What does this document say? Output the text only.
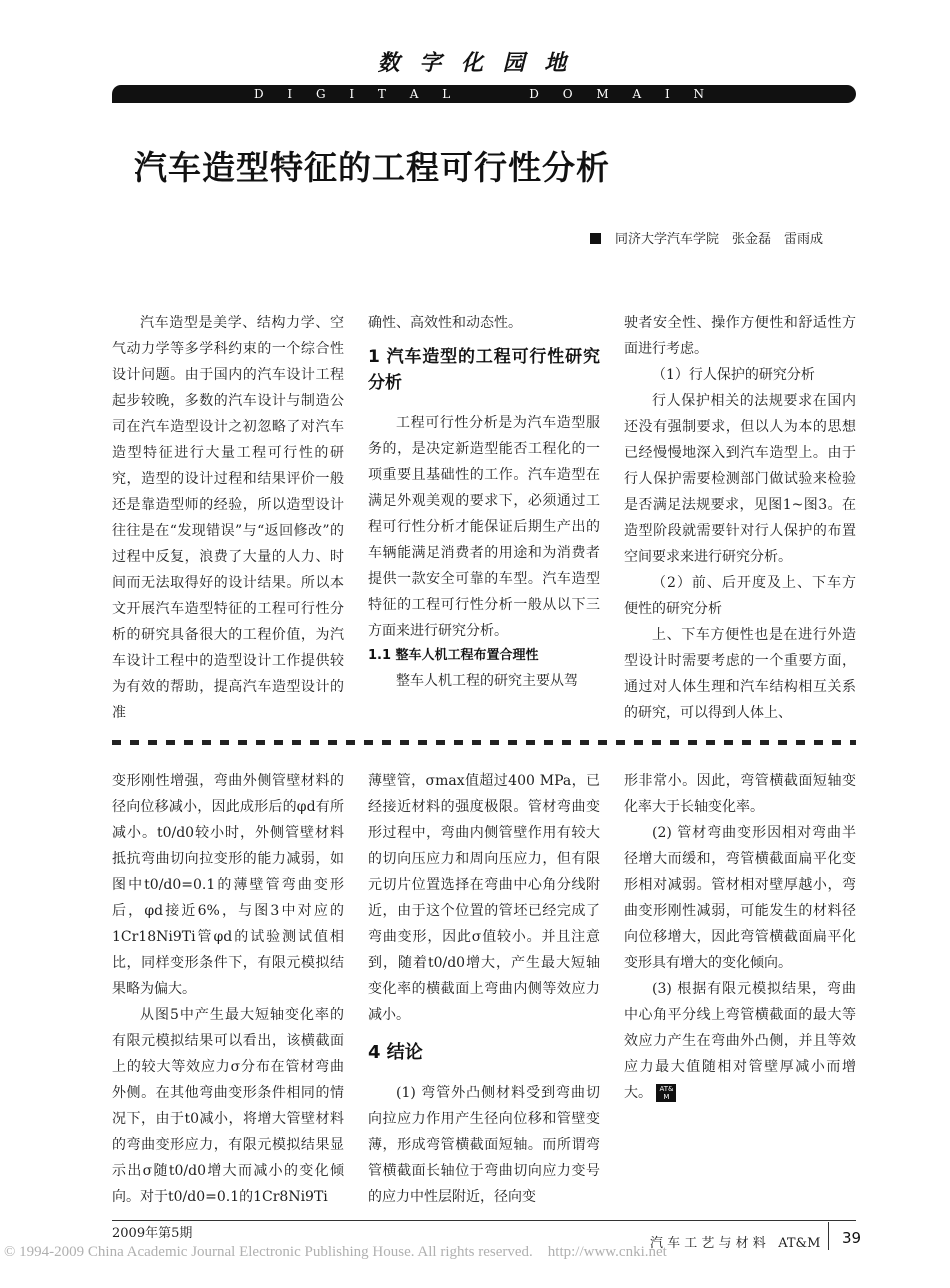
数 字 化 园 地
D I G I T A L     D O M A I N
汽车造型特征的工程可行性分析
同济大学汽车学院　张金磊　雷雨成

汽车造型是美学、结构力学、空气动力学等多学科约束的一个综合性设计问题。由于国内的汽车设计工程起步较晚，多数的汽车设计与制造公司在汽车造型设计之初忽略了对汽车造型特征进行大量工程可行性的研究，造型的设计过程和结果评价一般还是靠造型师的经验，所以造型设计往往是在“发现错误”与“返回修改”的过程中反复，浪费了大量的人力、时间而无法取得好的设计结果。所以本文开展汽车造型特征的工程可行性分析的研究具备很大的工程价值，为汽车设计工程中的造型设计工作提供较为有效的帮助，提高汽车造型设计的准

确性、高效性和动态性。

1 汽车造型的工程可行性研究分析

工程可行性分析是为汽车造型服务的，是决定新造型能否工程化的一项重要且基础性的工作。汽车造型在满足外观美观的要求下，必须通过工程可行性分析才能保证后期生产出的车辆能满足消费者的用途和为消费者提供一款安全可靠的车型。汽车造型特征的工程可行性分析一般从以下三方面来进行研究分析。

1.1 整车人机工程布置合理性

整车人机工程的研究主要从驾

驶者安全性、操作方便性和舒适性方面进行考虑。

（1）行人保护的研究分析

行人保护相关的法规要求在国内还没有强制要求，但以人为本的思想已经慢慢地深入到汽车造型上。由于行人保护需要检测部门做试验来检验是否满足法规要求，见图1~图3。在造型阶段就需要针对行人保护的布置空间要求来进行研究分析。

（2）前、后开度及上、下车方便性的研究分析

上、下车方便性也是在进行外造型设计时需要考虑的一个重要方面，通过对人体生理和汽车结构相互关系的研究，可以得到人体上、

变形刚性增强，弯曲外侧管壁材料的径向位移减小，因此成形后的φd有所减小。t0/d0较小时，外侧管壁材料抵抗弯曲切向拉变形的能力减弱，如图中t0/d0=0.1的薄壁管弯曲变形后，φd接近6%，与图3中对应的1Cr18Ni9Ti管φd的试验测试值相比，同样变形条件下，有限元模拟结果略为偏大。

从图5中产生最大短轴变化率的有限元模拟结果可以看出，该横截面上的较大等效应力σ分布在管材弯曲外侧。在其他弯曲变形条件相同的情况下，由于t0减小，将增大管壁材料的弯曲变形应力，有限元模拟结果显示出σ随t0/d0增大而减小的变化倾向。对于t0/d0=0.1的1Cr8Ni9Ti

薄壁管，σmax值超过400 MPa，已经接近材料的强度极限。管材弯曲变形过程中，弯曲内侧管壁作用有较大的切向压应力和周向压应力，但有限元切片位置选择在弯曲中心角分线附近，由于这个位置的管坯已经完成了弯曲变形，因此σ值较小。并且注意到，随着t0/d0增大，产生最大短轴变化率的横截面上弯曲内侧等效应力减小。

4 结论

(1) 弯管外凸侧材料受到弯曲切向拉应力作用产生径向位移和管壁变薄，形成弯管横截面短轴。而所谓弯管横截面长轴位于弯曲切向应力变号的应力中性层附近，径向变

形非常小。因此，弯管横截面短轴变化率大于长轴变化率。

(2) 管材弯曲变形因相对弯曲半径增大而缓和，弯管横截面扁平化变形相对减弱。管材相对壁厚越小，弯曲变形刚性减弱，可能发生的材料径向位移增大，因此弯管横截面扁平化变形具有增大的变化倾向。

(3) 根据有限元模拟结果，弯曲中心角平分线上弯管横截面的最大等效应力产生在弯曲外凸侧，并且等效应力最大值随相对管壁厚减小而增大。 AT&M

2009年第5期
汽 车 工 艺 与 材 料   AT&M 39
© 1994-2009 China Academic Journal Electronic Publishing House. All rights reserved.    http://www.cnki.net
